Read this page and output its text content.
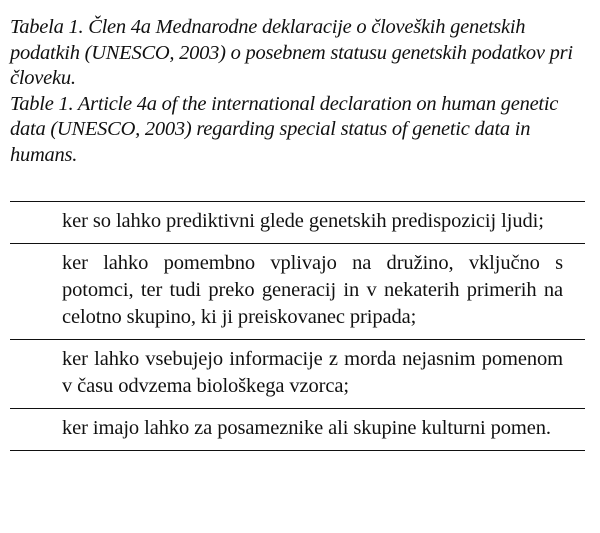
Tabela 1. Člen 4a Mednarodne deklaracije o človeških genetskih podatkih (UNESCO, 2003) o posebnem statusu genetskih podatkov pri človeku.

Table 1. Article 4a of the international declaration on human genetic data (UNESCO, 2003) regarding special status of genetic data in humans.

ker so lahko prediktivni glede genetskih predispozicij ljudi;
ker lahko pomembno vplivajo na družino, vključno s potomci, ter tudi preko generacij in v nekaterih primerih na celotno skupino, ki ji preiskovanec pripada;
ker lahko vsebujejo informacije z morda nejasnim pomenom v času odvzema biološkega vzorca;
ker imajo lahko za posameznike ali skupine kulturni pomen.
